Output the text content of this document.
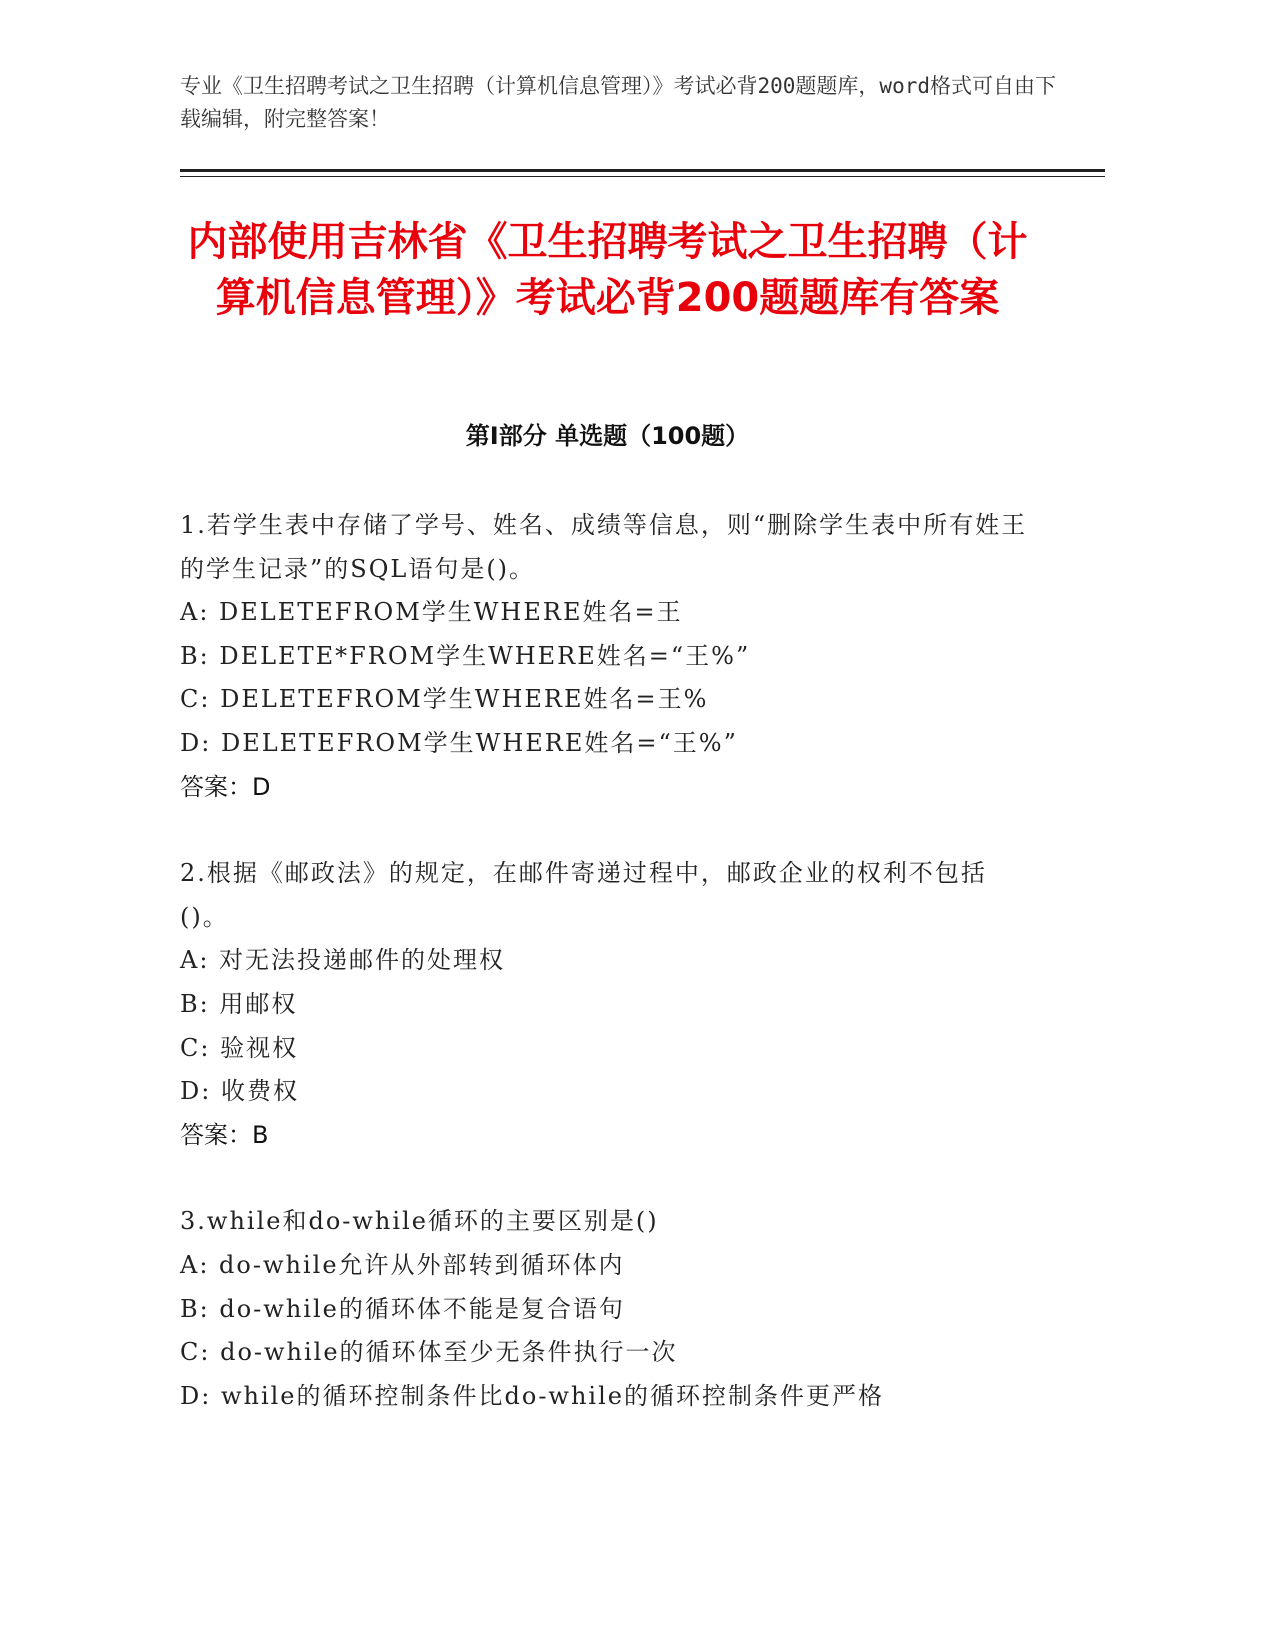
专业《卫生招聘考试之卫生招聘（计算机信息管理）》考试必背200题题库，word格式可自由下载编辑，附完整答案！
内部使用吉林省《卫生招聘考试之卫生招聘（计算机信息管理）》考试必背200题题库有答案
第Ⅰ部分 单选题（100题）
1.若学生表中存储了学号、姓名、成绩等信息，则“删除学生表中所有姓王的学生记录”的SQL语句是()。
A: DELETEFROM学生WHERE姓名=王
B: DELETE*FROM学生WHERE姓名=“王%”
C: DELETEFROM学生WHERE姓名=王%
D: DELETEFROM学生WHERE姓名=“王%”
答案：D
2.根据《邮政法》的规定，在邮件寄递过程中，邮政企业的权利不包括()。
A: 对无法投递邮件的处理权
B: 用邮权
C: 验视权
D: 收费权
答案：B
3.while和do-while循环的主要区别是()
A: do-while允许从外部转到循环体内
B: do-while的循环体不能是复合语句
C: do-while的循环体至少无条件执行一次
D: while的循环控制条件比do-while的循环控制条件更严格
